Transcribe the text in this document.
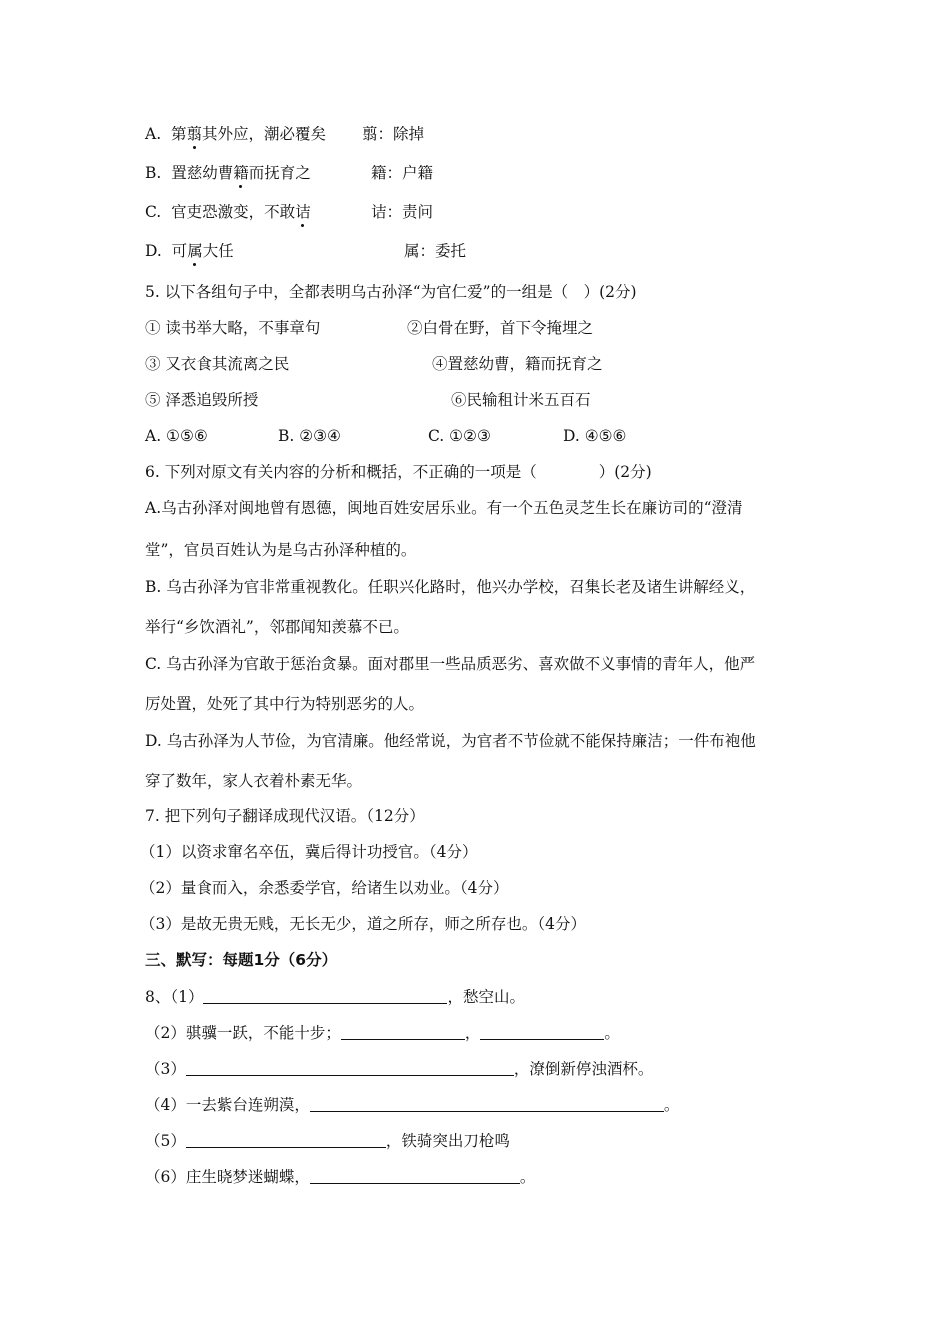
A. 第翦其外应，潮必覆矣 翦：除掉
B. 置慈幼曹籍而抚育之	籍：户籍
C. 官吏恐激变，不敢诘	诘：责问
D. 可属大任	属：委托
5. 以下各组句子中，全都表明乌古孙泽“为官仁爱”的一组是（　）(2分)
① 读书举大略，不事章句	②白骨在野，首下令掩埋之
③ 又衣食其流离之民	④置慈幼曹，籍而抚育之
⑤ 泽悉追毁所授	⑥民输租计米五百石
A. ①⑤⑥	B. ②③④	C. ①②③	D. ④⑤⑥
6. 下列对原文有关内容的分析和概括，不正确的一项是（　　　　）(2分)
A.乌古孙泽对闽地曾有恩德，闽地百姓安居乐业。有一个五色灵芝生长在廉访司的“澄清
堂”，官员百姓认为是乌古孙泽种植的。
B. 乌古孙泽为官非常重视教化。任职兴化路时，他兴办学校，召集长老及诸生讲解经义，
举行“乡饮酒礼”，邻郡闻知羡慕不已。
C. 乌古孙泽为官敢于惩治贪暴。面对郡里一些品质恶劣、喜欢做不义事情的青年人，他严
厉处置，处死了其中行为特别恶劣的人。
D. 乌古孙泽为人节俭，为官清廉。他经常说，为官者不节俭就不能保持廉洁；一件布袍他
穿了数年，家人衣着朴素无华。
7. 把下列句子翻译成现代汉语。（12分）
（1）以资求窜名卒伍，冀后得计功授官。（4分）
（2）量食而入，余悉委学官，给诸生以劝业。（4分）
（3）是故无贵无贱，无长无少，道之所存，师之所存也。（4分）
三、默写：每题1分（6分）
8、（1）	，愁空山。
（2）骐骥一跃，不能十步；	，	。
（3）	，潦倒新停浊酒杯。
（4）一去紫台连朔漠，	。
（5）	，铁骑突出刀枪鸣
（6）庄生晓梦迷蝴蝶，	。
